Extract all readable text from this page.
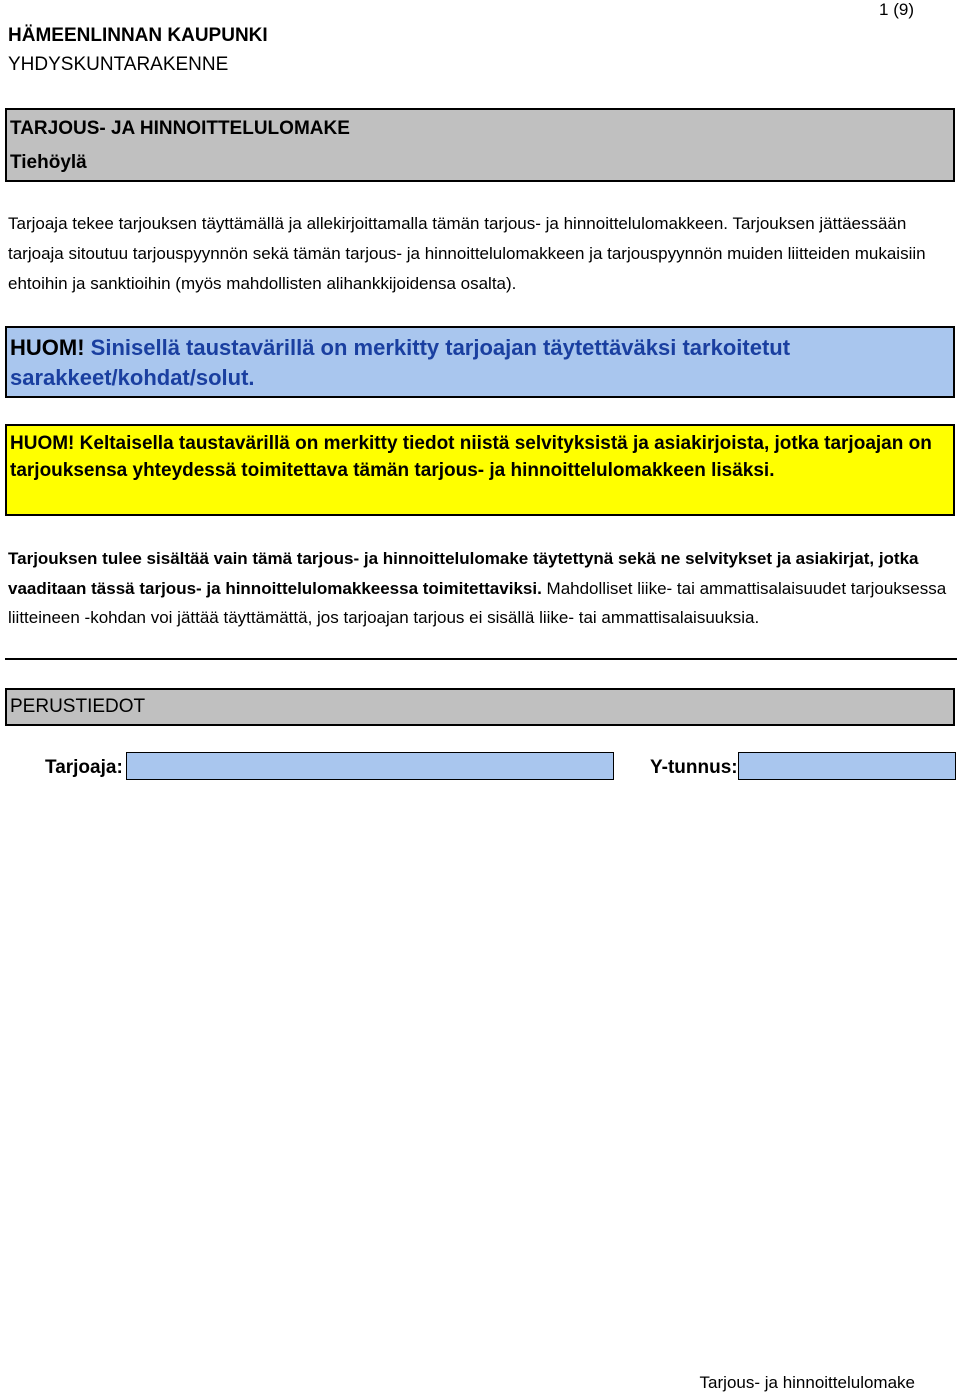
1 (9)
HÄMEENLINNAN KAUPUNKI
YHDYSKUNTARAKENNE
TARJOUS- JA HINNOITTELULOMAKE
Tiehöylä
Tarjoaja tekee tarjouksen täyttämällä ja allekirjoittamalla tämän tarjous- ja hinnoittelulomakkeen. Tarjouksen jättäessään tarjoaja sitoutuu tarjouspyynnön sekä tämän tarjous- ja hinnoittelulomakkeen ja tarjouspyynnön muiden liitteiden mukaisiin ehtoihin ja sanktioihin (myös mahdollisten alihankkijoidensa osalta).
HUOM! Sinisellä taustavärillä on merkitty tarjoajan täytettäväksi tarkoitetut sarakkeet/kohdat/solut.
HUOM! Keltaisella taustavärillä on merkitty tiedot niistä selvityksistä ja asiakirjoista, jotka tarjoajan on tarjouksensa yhteydessä toimitettava tämän tarjous- ja hinnoittelulomakkeen lisäksi.
Tarjouksen tulee sisältää vain tämä tarjous- ja hinnoittelulomake täytettynä sekä ne selvitykset ja asiakirjat, jotka vaaditaan tässä tarjous- ja hinnoittelulomakkeessa toimitettaviksi. Mahdolliset liike- tai ammattisalaisuudet tarjouksessa liitteineen -kohdan voi jättää täyttämättä, jos tarjoajan tarjous ei sisällä liike- tai ammattisalaisuuksia.
PERUSTIEDOT
Tarjoaja:	Y-tunnus:
Tarjous- ja hinnoittelulomake
